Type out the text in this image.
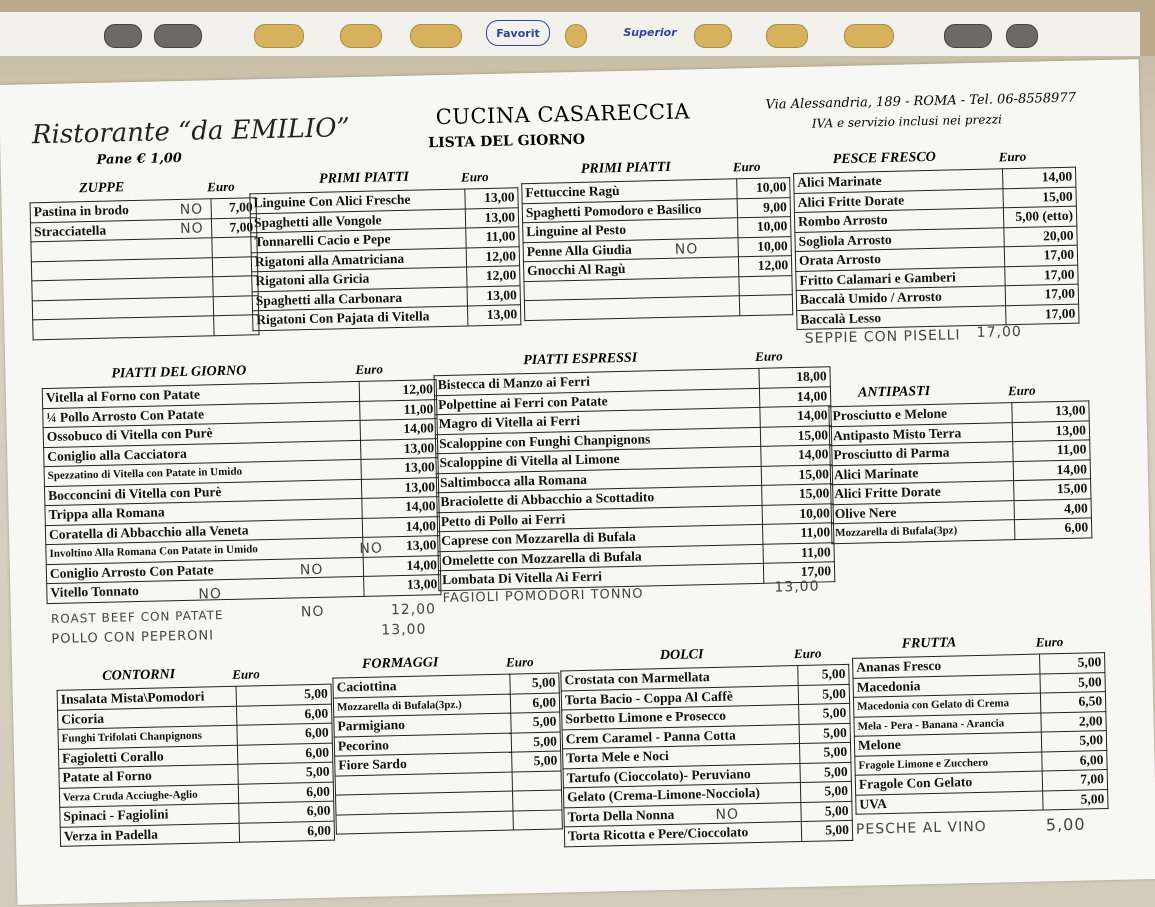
Favorit	Superior
Ristorante “da EMILIO”
Pane € 1,00
CUCINA CASARECCIA
LISTA DEL GIORNO
Via Alessandria, 189 - ROMA - Tel. 06-8558977
IVA e servizio inclusi nei prezzi
ZUPPE	Euro
Pastina in brodo	7,00
Stracciatella	7,00

PRIMI PIATTI	Euro
Linguine Con Alici Fresche	13,00
Spaghetti alle Vongole	13,00
Tonnarelli Cacio e Pepe	11,00
Rigatoni alla Amatriciana	12,00
Rigatoni alla Gricia	12,00
Spaghetti alla Carbonara	13,00
Rigatoni Con Pajata di Vitella	13,00
PRIMI PIATTI	Euro
Fettuccine Ragù	10,00
Spaghetti Pomodoro e Basilico	9,00
Linguine al Pesto	10,00
Penne Alla Giudia	10,00
Gnocchi Al Ragù	12,00

PESCE FRESCO	Euro
Alici Marinate	14,00
Alici Fritte Dorate	15,00
Rombo Arrosto	5,00 (etto)
Sogliola Arrosto	20,00
Orata Arrosto	17,00
Fritto Calamari e Gamberi	17,00
Baccalà Umido / Arrosto	17,00
Baccalà Lesso	17,00
PIATTI DEL GIORNO	Euro
Vitella al Forno con Patate	12,00
¼ Pollo Arrosto Con Patate	11,00
Ossobuco di Vitella con Purè	14,00
Coniglio alla Cacciatora	13,00
Spezzatino di Vitella con Patate in Umido	13,00
Bocconcini di Vitella con Purè	13,00
Trippa alla Romana	14,00
Coratella di Abbacchio alla Veneta	14,00
Involtino Alla Romana Con Patate in Umido	13,00
Coniglio Arrosto Con Patate	14,00
Vitello Tonnato	13,00
PIATTI ESPRESSI	Euro
Bistecca di Manzo ai Ferri	18,00
Polpettine ai Ferri con Patate	14,00
Magro di Vitella ai Ferri	14,00
Scaloppine con Funghi Chanpignons	15,00
Scaloppine di Vitella al Limone	14,00
Saltimbocca alla Romana	15,00
Braciolette di Abbacchio a Scottadito	15,00
Petto di Pollo ai Ferri	10,00
Caprese con Mozzarella di Bufala	11,00
Omelette con Mozzarella di Bufala	11,00
Lombata Di Vitella Ai Ferri	17,00
ANTIPASTI	Euro
Prosciutto e Melone	13,00
Antipasto Misto Terra	13,00
Prosciutto di Parma	11,00
Alici Marinate	14,00
Alici Fritte Dorate	15,00
Olive Nere	4,00
Mozzarella di Bufala(3pz)	6,00
CONTORNI	Euro
Insalata Mista\Pomodori	5,00
Cicoria	6,00
Funghi Trifolati Chanpignons	6,00
Fagioletti Corallo	6,00
Patate al Forno	5,00
Verza Cruda Acciughe-Aglio	6,00
Spinaci - Fagiolini	6,00
Verza in Padella	6,00
FORMAGGI	Euro
Caciottina	5,00
Mozzarella di Bufala(3pz.)	6,00
Parmigiano	5,00
Pecorino	5,00
Fiore Sardo	5,00

DOLCI	Euro
Crostata con Marmellata	5,00
Torta Bacio - Coppa Al Caffè	5,00
Sorbetto Limone e Prosecco	5,00
Crem Caramel - Panna Cotta	5,00
Torta Mele e Noci	5,00
Tartufo (Cioccolato)- Peruviano	5,00
Gelato (Crema-Limone-Nocciola)	5,00
Torta Della Nonna	5,00
Torta Ricotta e Pere/Cioccolato	5,00
FRUTTA	Euro
Ananas Fresco	5,00
Macedonia	5,00
Macedonia con Gelato di Crema	6,50
Mela - Pera - Banana - Arancia	2,00
Melone	5,00
Fragole Limone e Zucchero	6,00
Fragole Con Gelato	7,00
UVA	5,00
NO
NO
NO
SEPPIE CON PISELLI 17,00
ROAST BEEF CON PATATE	12,00
POLLO CON PEPERONI	13,00
NO
NO
NO
NO
FAGIOLI POMODORI TONNO	13,00
NO
PESCHE AL VINO	5,00
